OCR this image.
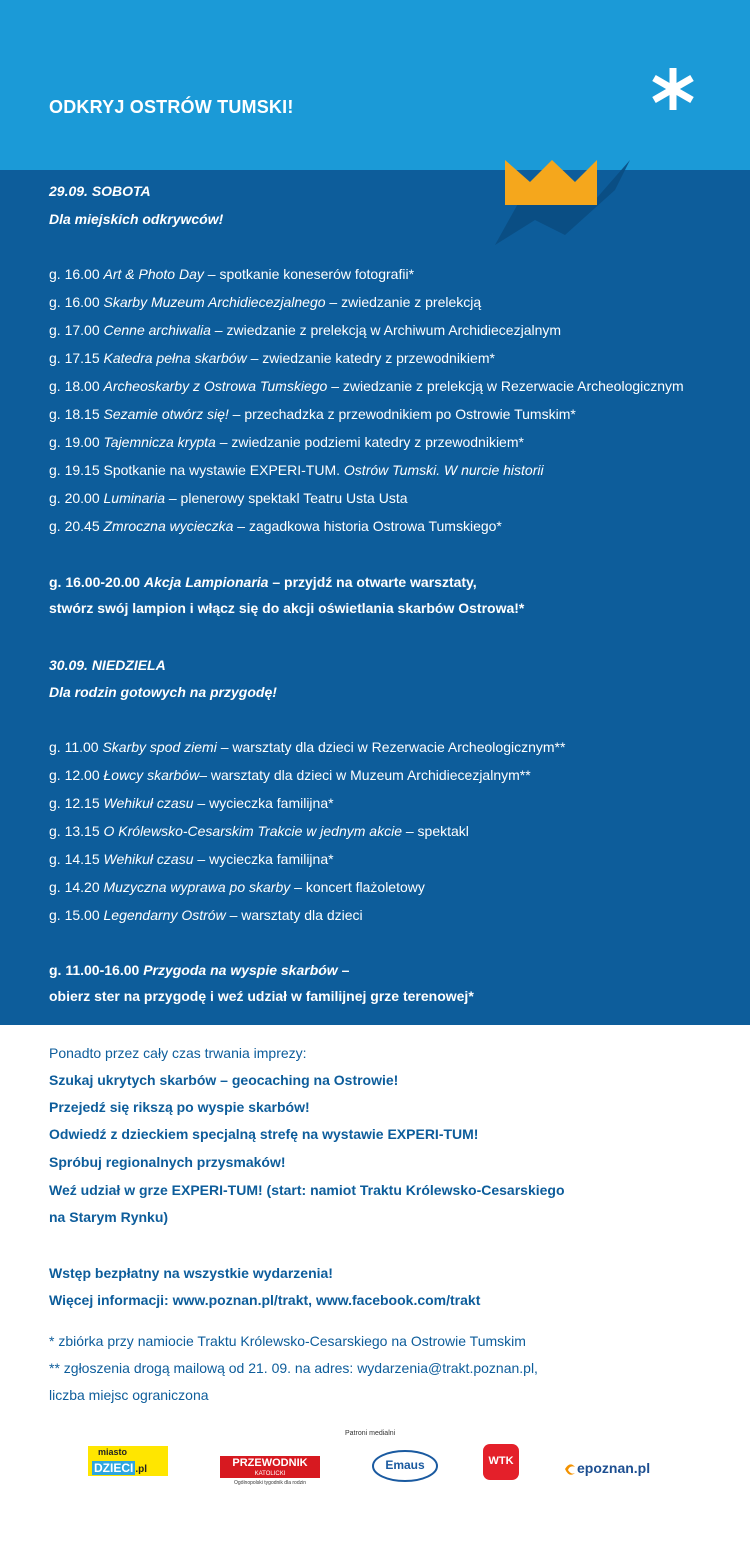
ODKRYJ OSTRÓW TUMSKI!

29.09. SOBOTA

Dla miejskich odkrywców!

g. 16.00 Art & Photo Day – spotkanie koneserów fotografii*

g. 16.00 Skarby Muzeum Archidiecezjalnego – zwiedzanie z prelekcją

g. 17.00 Cenne archiwalia – zwiedzanie z prelekcją w Archiwum Archidiecezjalnym

g. 17.15 Katedra pełna skarbów – zwiedzanie katedry z przewodnikiem*

g. 18.00 Archeoskarby z Ostrowa Tumskiego – zwiedzanie z prelekcją w Rezerwacie Archeologicznym

g. 18.15 Sezamie otwórz się! – przechadzka z przewodnikiem po Ostrowie Tumskim*

g. 19.00 Tajemnicza krypta – zwiedzanie podziemi katedry z przewodnikiem*

g. 19.15 Spotkanie na wystawie EXPERI-TUM. Ostrów Tumski. W nurcie historii

g. 20.00 Luminaria – plenerowy spektakl Teatru Usta Usta

g. 20.45 Zmroczna wycieczka – zagadkowa historia Ostrowa Tumskiego*

g. 16.00-20.00 Akcja Lampionaria – przyjdź na otwarte warsztaty,

stwórz swój lampion i włącz się do akcji oświetlania skarbów Ostrowa!*

30.09. NIEDZIELA

Dla rodzin gotowych na przygodę!

g. 11.00 Skarby spod ziemi – warsztaty dla dzieci w Rezerwacie Archeologicznym**

g. 12.00 Łowcy skarbów– warsztaty dla dzieci w Muzeum Archidiecezjalnym**

g. 12.15 Wehikuł czasu – wycieczka familijna*

g. 13.15 O Królewsko-Cesarskim Trakcie w jednym akcie – spektakl

g. 14.15 Wehikuł czasu – wycieczka familijna*

g. 14.20 Muzyczna wyprawa po skarby – koncert flażoletowy

g. 15.00 Legendarny Ostrów – warsztaty dla dzieci

g. 11.00-16.00 Przygoda na wyspie skarbów –

obierz ster na przygodę i weź udział w familijnej grze terenowej*

Ponadto przez cały czas trwania imprezy:

Szukaj ukrytych skarbów – geocaching na Ostrowie!

Przejedź się rikszą po wyspie skarbów!

Odwiedź z dzieckiem specjalną strefę na wystawie EXPERI-TUM!

Spróbuj regionalnych przysmaków!

Weź udział w grze EXPERI-TUM! (start: namiot Traktu Królewsko-Cesarskiego

na Starym Rynku)

Wstęp bezpłatny na wszystkie wydarzenia!

Więcej informacji: www.poznan.pl/trakt, www.facebook.com/trakt

* zbiórka przy namiocie Traktu Królewsko-Cesarskiego na Ostrowie Tumskim

** zgłoszenia drogą mailową od 21. 09. na adres: wydarzenia@trakt.poznan.pl,

liczba miejsc ograniczona

Patroni medialni
miasto
DZIECI .pl
PRZEWODNIK
KATOLICKI
Ogólnopolski tygodnik dla rodzin
Emaus	WTK	epoznan.pl
